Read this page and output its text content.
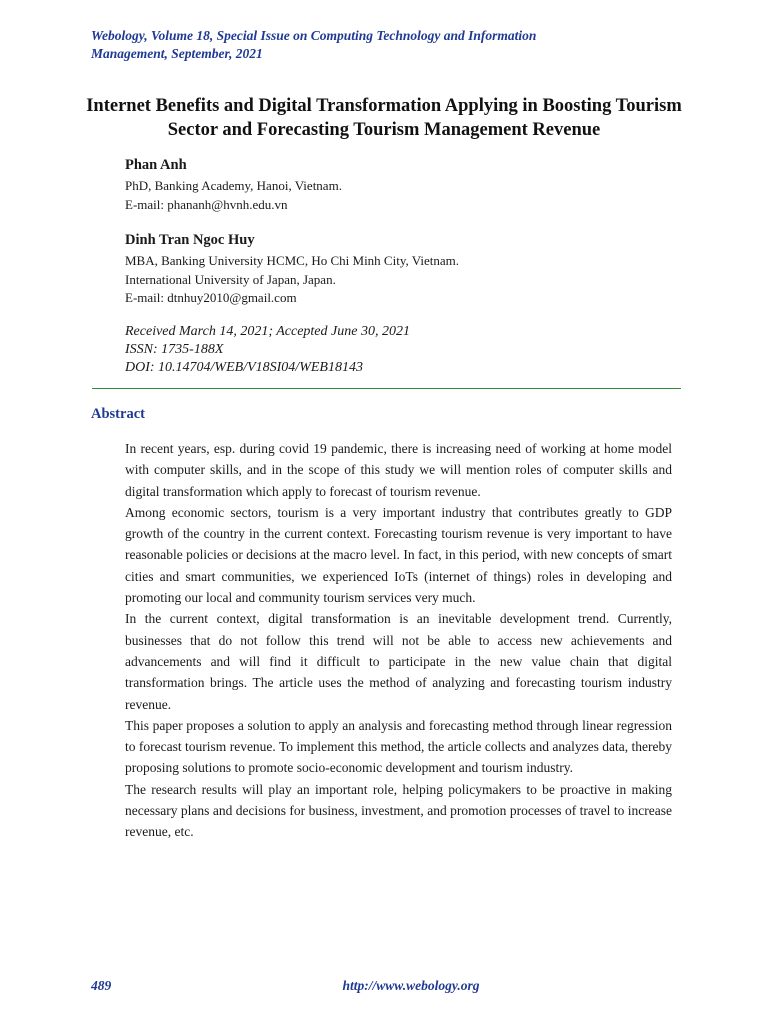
Webology, Volume 18, Special Issue on Computing Technology and Information
Management, September, 2021
Internet Benefits and Digital Transformation Applying in Boosting Tourism Sector and Forecasting Tourism Management Revenue
Phan Anh
PhD, Banking Academy, Hanoi, Vietnam.
E-mail: phananh@hvnh.edu.vn
Dinh Tran Ngoc Huy
MBA, Banking University HCMC, Ho Chi Minh City, Vietnam.
International University of Japan, Japan.
E-mail: dtnhuy2010@gmail.com
Received March 14, 2021; Accepted June 30, 2021
ISSN: 1735-188X
DOI: 10.14704/WEB/V18SI04/WEB18143
Abstract

In recent years, esp. during covid 19 pandemic, there is increasing need of working at home model with computer skills, and in the scope of this study we will mention roles of computer skills and digital transformation which apply to forecast of tourism revenue.

Among economic sectors, tourism is a very important industry that contributes greatly to GDP growth of the country in the current context. Forecasting tourism revenue is very important to have reasonable policies or decisions at the macro level. In fact, in this period, with new concepts of smart cities and smart communities, we experienced IoTs (internet of things) roles in developing and promoting our local and community tourism services very much.

In the current context, digital transformation is an inevitable development trend. Currently, businesses that do not follow this trend will not be able to access new achievements and advancements and will find it difficult to participate in the new value chain that digital transformation brings. The article uses the method of analyzing and forecasting tourism industry revenue.

This paper proposes a solution to apply an analysis and forecasting method through linear regression to forecast tourism revenue. To implement this method, the article collects and analyzes data, thereby proposing solutions to promote socio-economic development and tourism industry.

The research results will play an important role, helping policymakers to be proactive in making necessary plans and decisions for business, investment, and promotion processes of travel to increase revenue, etc.

489	http://www.webology.org
